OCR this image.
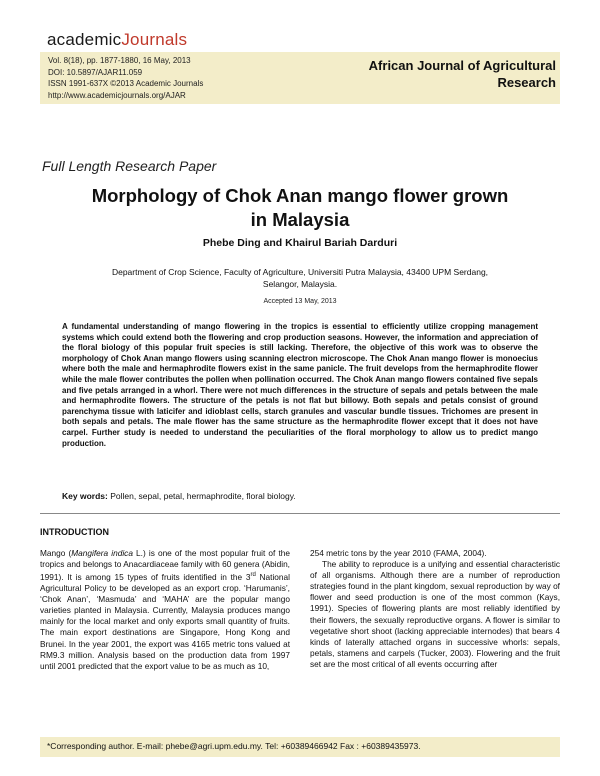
academicJournals
Vol. 8(18), pp. 1877-1880, 16 May, 2013
DOI: 10.5897/AJAR11.059
ISSN 1991-637X ©2013 Academic Journals
http://www.academicjournals.org/AJAR
African Journal of Agricultural
Research
Full Length Research Paper
Morphology of Chok Anan mango flower grown
in Malaysia
Phebe Ding and Khairul Bariah Darduri
Department of Crop Science, Faculty of Agriculture, Universiti Putra Malaysia, 43400 UPM Serdang,
Selangor, Malaysia.
Accepted 13 May, 2013
A fundamental understanding of mango flowering in the tropics is essential to efficiently utilize cropping management systems which could extend both the flowering and crop production seasons. However, the information and appreciation of the floral biology of this popular fruit species is still lacking. Therefore, the objective of this work was to observe the morphology of Chok Anan mango flowers using scanning electron microscope. The Chok Anan mango flower is monoecius where both the male and hermaphrodite flowers exist in the same panicle. The fruit develops from the hermaphrodite flower while the male flower contributes the pollen when pollination occurred. The Chok Anan mango flowers contained five sepals and five petals arranged in a whorl. There were not much differences in the structure of sepals and petals between the male and hermaphrodite flowers. The structure of the petals is not flat but billowy. Both sepals and petals consist of ground parenchyma tissue with laticifer and idioblast cells, starch granules and vascular bundle tissues. Trichomes are present in both sepals and petals. The male flower has the same structure as the hermaphrodite flower except that it does not have carpel. Further study is needed to understand the peculiarities of the floral morphology to allow us to predict mango production.
Key words: Pollen, sepal, petal, hermaphrodite, floral biology.
INTRODUCTION

Mango (Mangifera indica L.) is one of the most popular fruit of the tropics and belongs to Anacardiaceae family with 60 genera (Abidin, 1991). It is among 15 types of fruits identified in the 3rd National Agricultural Policy to be developed as an export crop. ‘Harumanis’, ‘Chok Anan’, ‘Masmuda’ and ‘MAHA’ are the popular mango varieties planted in Malaysia. Currently, Malaysia produces mango mainly for the local market and only exports small quantity of fruits. The main export destinations are Singapore, Hong Kong and Brunei. In the year 2001, the export was 4165 metric tons valued at RM9.3 million. Analysis based on the production data from 1997 until 2001 predicted that the export value to be as much as 10,

254 metric tons by the year 2010 (FAMA, 2004).

The ability to reproduce is a unifying and essential characteristic of all organisms. Although there are a number of reproduction strategies found in the plant kingdom, sexual reproduction by way of flower and seed production is one of the most common (Kays, 1991). Species of flowering plants are most reliably identified by their flowers, the sexually reproductive organs. A flower is similar to vegetative short shoot (lacking appreciable internodes) that bears 4 kinds of laterally attached organs in successive whorls: sepals, petals, stamens and carpels (Tucker, 2003). Flowering and the fruit set are the most critical of all events occurring after

*Corresponding author. E-mail: phebe@agri.upm.edu.my. Tel: +60389466942 Fax : +60389435973.
